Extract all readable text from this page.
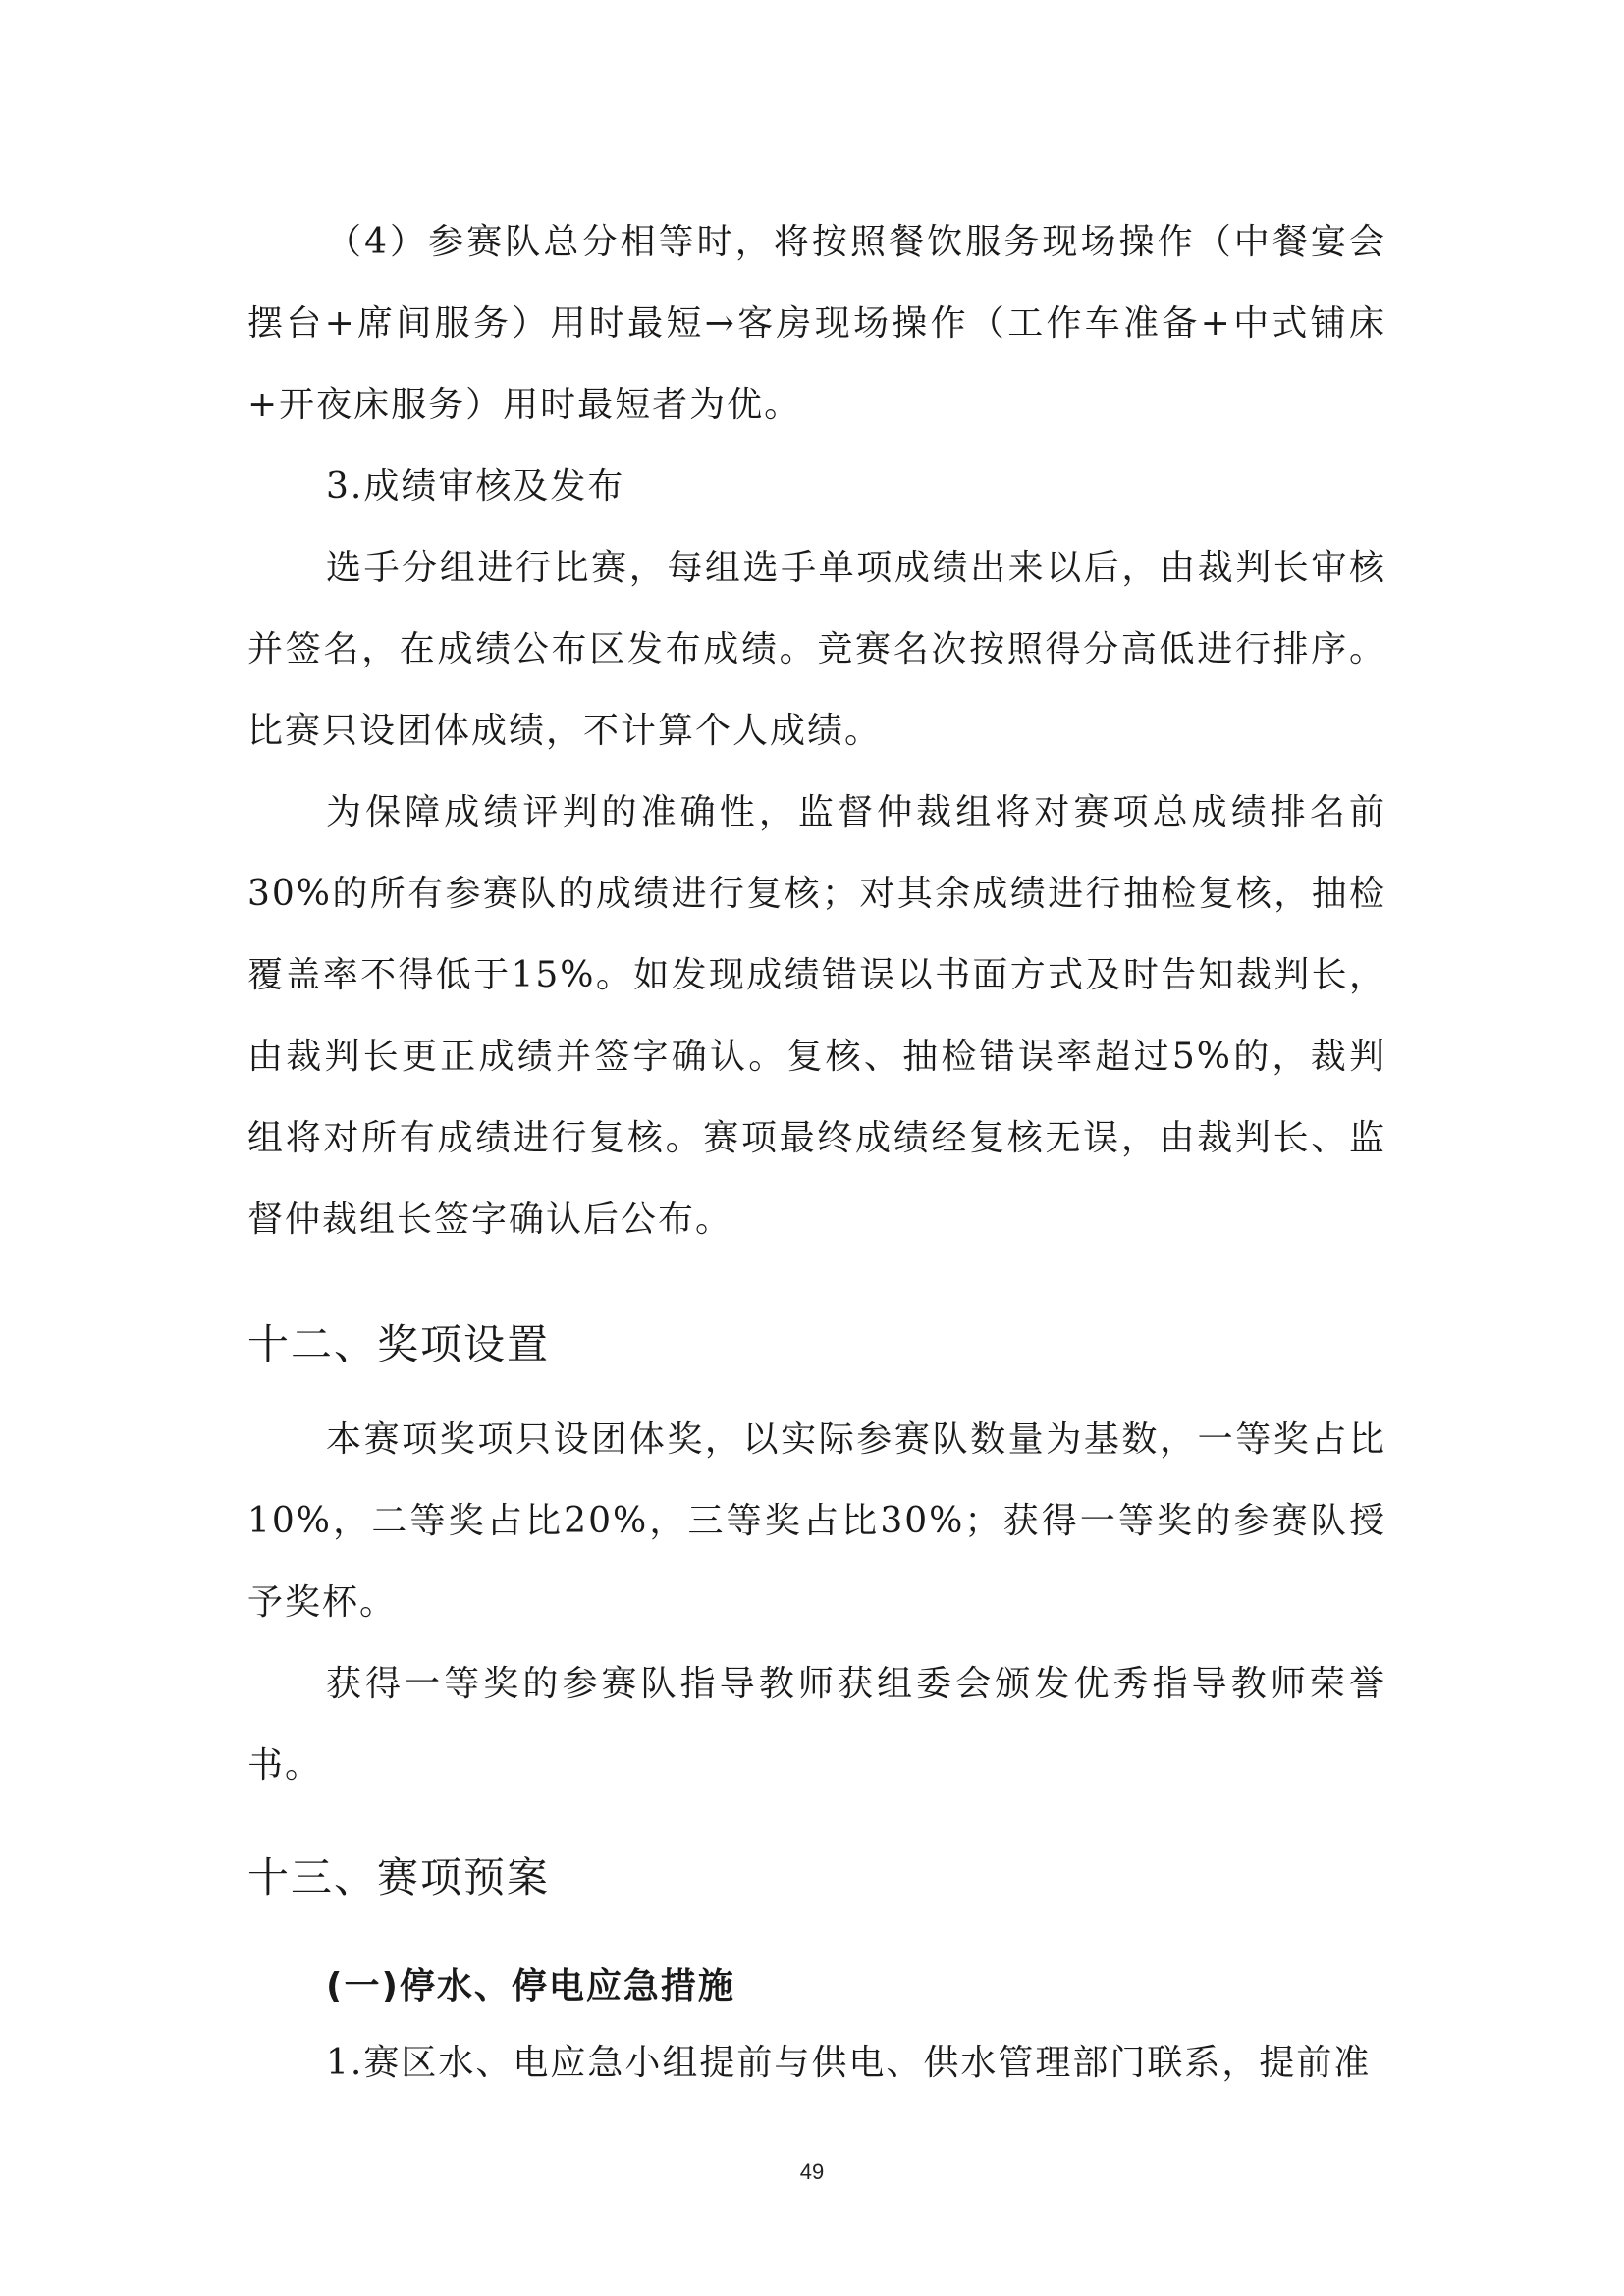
（4）参赛队总分相等时，将按照餐饮服务现场操作（中餐宴会摆台+席间服务）用时最短→客房现场操作（工作车准备+中式铺床+开夜床服务）用时最短者为优。

3.成绩审核及发布

选手分组进行比赛，每组选手单项成绩出来以后，由裁判长审核并签名，在成绩公布区发布成绩。竞赛名次按照得分高低进行排序。比赛只设团体成绩，不计算个人成绩。

为保障成绩评判的准确性，监督仲裁组将对赛项总成绩排名前30%的所有参赛队的成绩进行复核；对其余成绩进行抽检复核，抽检覆盖率不得低于15%。如发现成绩错误以书面方式及时告知裁判长，由裁判长更正成绩并签字确认。复核、抽检错误率超过5%的，裁判组将对所有成绩进行复核。赛项最终成绩经复核无误，由裁判长、监督仲裁组长签字确认后公布。

十二、奖项设置

本赛项奖项只设团体奖，以实际参赛队数量为基数，一等奖占比10%，二等奖占比20%，三等奖占比30%；获得一等奖的参赛队授予奖杯。

获得一等奖的参赛队指导教师获组委会颁发优秀指导教师荣誉书。

十三、赛项预案
(一)停水、停电应急措施

1.赛区水、电应急小组提前与供电、供水管理部门联系，提前准

49
